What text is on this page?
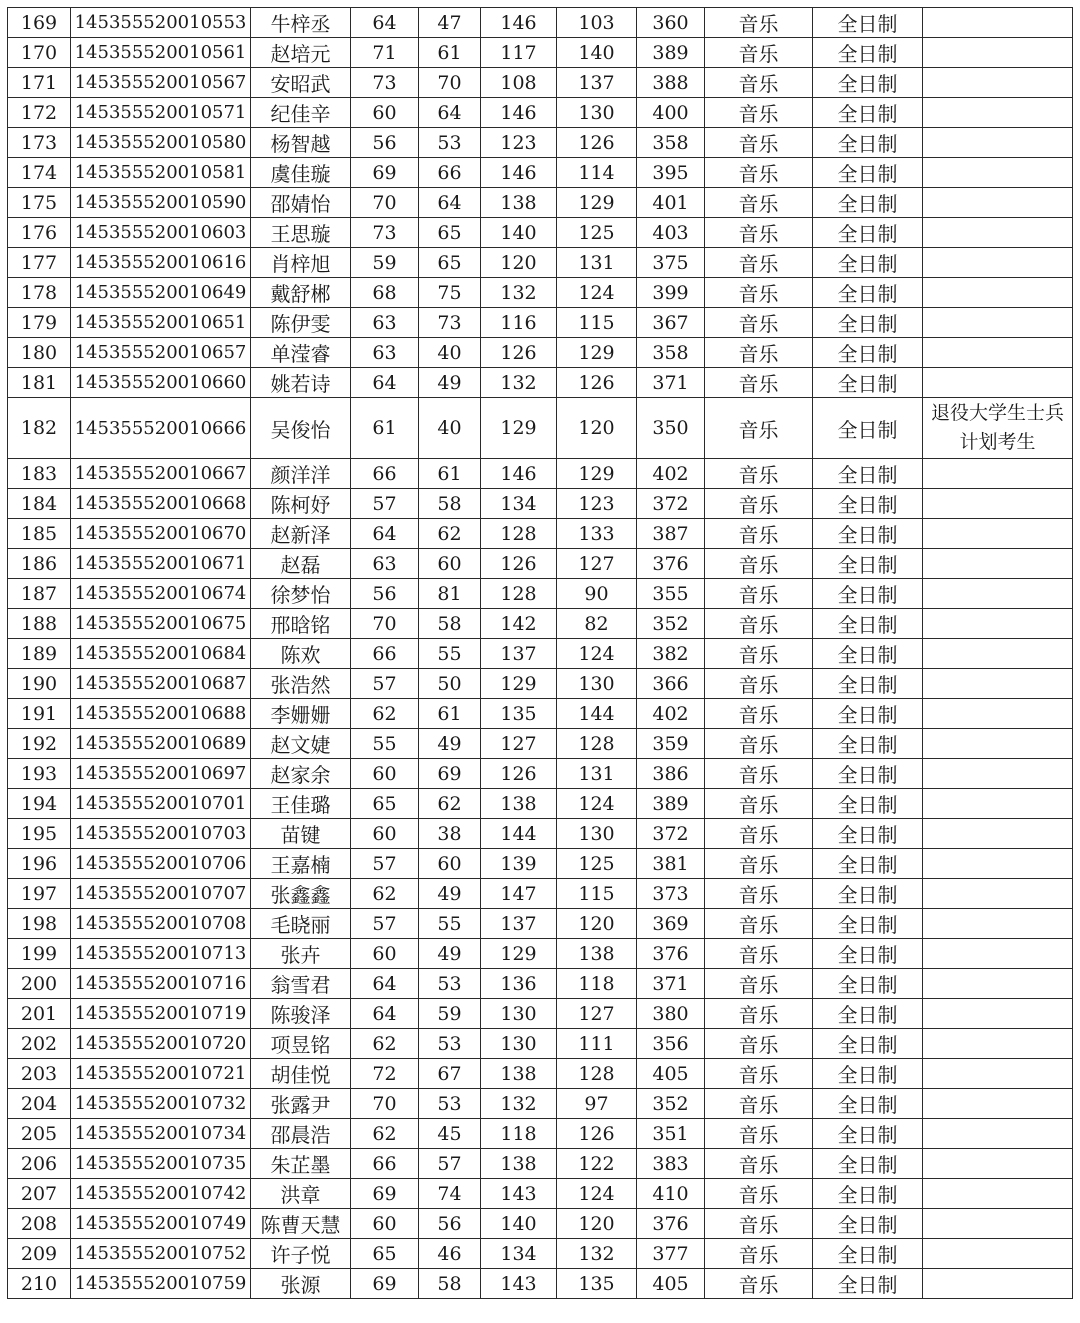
169	145355520010553	牛梓丞	64	47	146	103	360	音乐	全日制	
170	145355520010561	赵培元	71	61	117	140	389	音乐	全日制	
171	145355520010567	安昭武	73	70	108	137	388	音乐	全日制	
172	145355520010571	纪佳辛	60	64	146	130	400	音乐	全日制	
173	145355520010580	杨智越	56	53	123	126	358	音乐	全日制	
174	145355520010581	虞佳璇	69	66	146	114	395	音乐	全日制	
175	145355520010590	邵婧怡	70	64	138	129	401	音乐	全日制	
176	145355520010603	王思璇	73	65	140	125	403	音乐	全日制	
177	145355520010616	肖梓旭	59	65	120	131	375	音乐	全日制	
178	145355520010649	戴舒郴	68	75	132	124	399	音乐	全日制	
179	145355520010651	陈伊雯	63	73	116	115	367	音乐	全日制	
180	145355520010657	单滢睿	63	40	126	129	358	音乐	全日制	
181	145355520010660	姚若诗	64	49	132	126	371	音乐	全日制	
182	145355520010666	吴俊怡	61	40	129	120	350	音乐	全日制	退役大学生士兵计划考生
183	145355520010667	颜洋洋	66	61	146	129	402	音乐	全日制	
184	145355520010668	陈柯妤	57	58	134	123	372	音乐	全日制	
185	145355520010670	赵新泽	64	62	128	133	387	音乐	全日制	
186	145355520010671	赵磊	63	60	126	127	376	音乐	全日制	
187	145355520010674	徐梦怡	56	81	128	90	355	音乐	全日制	
188	145355520010675	邢晗铭	70	58	142	82	352	音乐	全日制	
189	145355520010684	陈欢	66	55	137	124	382	音乐	全日制	
190	145355520010687	张浩然	57	50	129	130	366	音乐	全日制	
191	145355520010688	李姗姗	62	61	135	144	402	音乐	全日制	
192	145355520010689	赵文婕	55	49	127	128	359	音乐	全日制	
193	145355520010697	赵家余	60	69	126	131	386	音乐	全日制	
194	145355520010701	王佳璐	65	62	138	124	389	音乐	全日制	
195	145355520010703	苗键	60	38	144	130	372	音乐	全日制	
196	145355520010706	王嘉楠	57	60	139	125	381	音乐	全日制	
197	145355520010707	张鑫鑫	62	49	147	115	373	音乐	全日制	
198	145355520010708	毛晓丽	57	55	137	120	369	音乐	全日制	
199	145355520010713	张卉	60	49	129	138	376	音乐	全日制	
200	145355520010716	翁雪君	64	53	136	118	371	音乐	全日制	
201	145355520010719	陈骏泽	64	59	130	127	380	音乐	全日制	
202	145355520010720	项昱铭	62	53	130	111	356	音乐	全日制	
203	145355520010721	胡佳悦	72	67	138	128	405	音乐	全日制	
204	145355520010732	张露尹	70	53	132	97	352	音乐	全日制	
205	145355520010734	邵晨浩	62	45	118	126	351	音乐	全日制	
206	145355520010735	朱芷墨	66	57	138	122	383	音乐	全日制	
207	145355520010742	洪章	69	74	143	124	410	音乐	全日制	
208	145355520010749	陈曹天慧	60	56	140	120	376	音乐	全日制	
209	145355520010752	许子悦	65	46	134	132	377	音乐	全日制	
210	145355520010759	张源	69	58	143	135	405	音乐	全日制	
